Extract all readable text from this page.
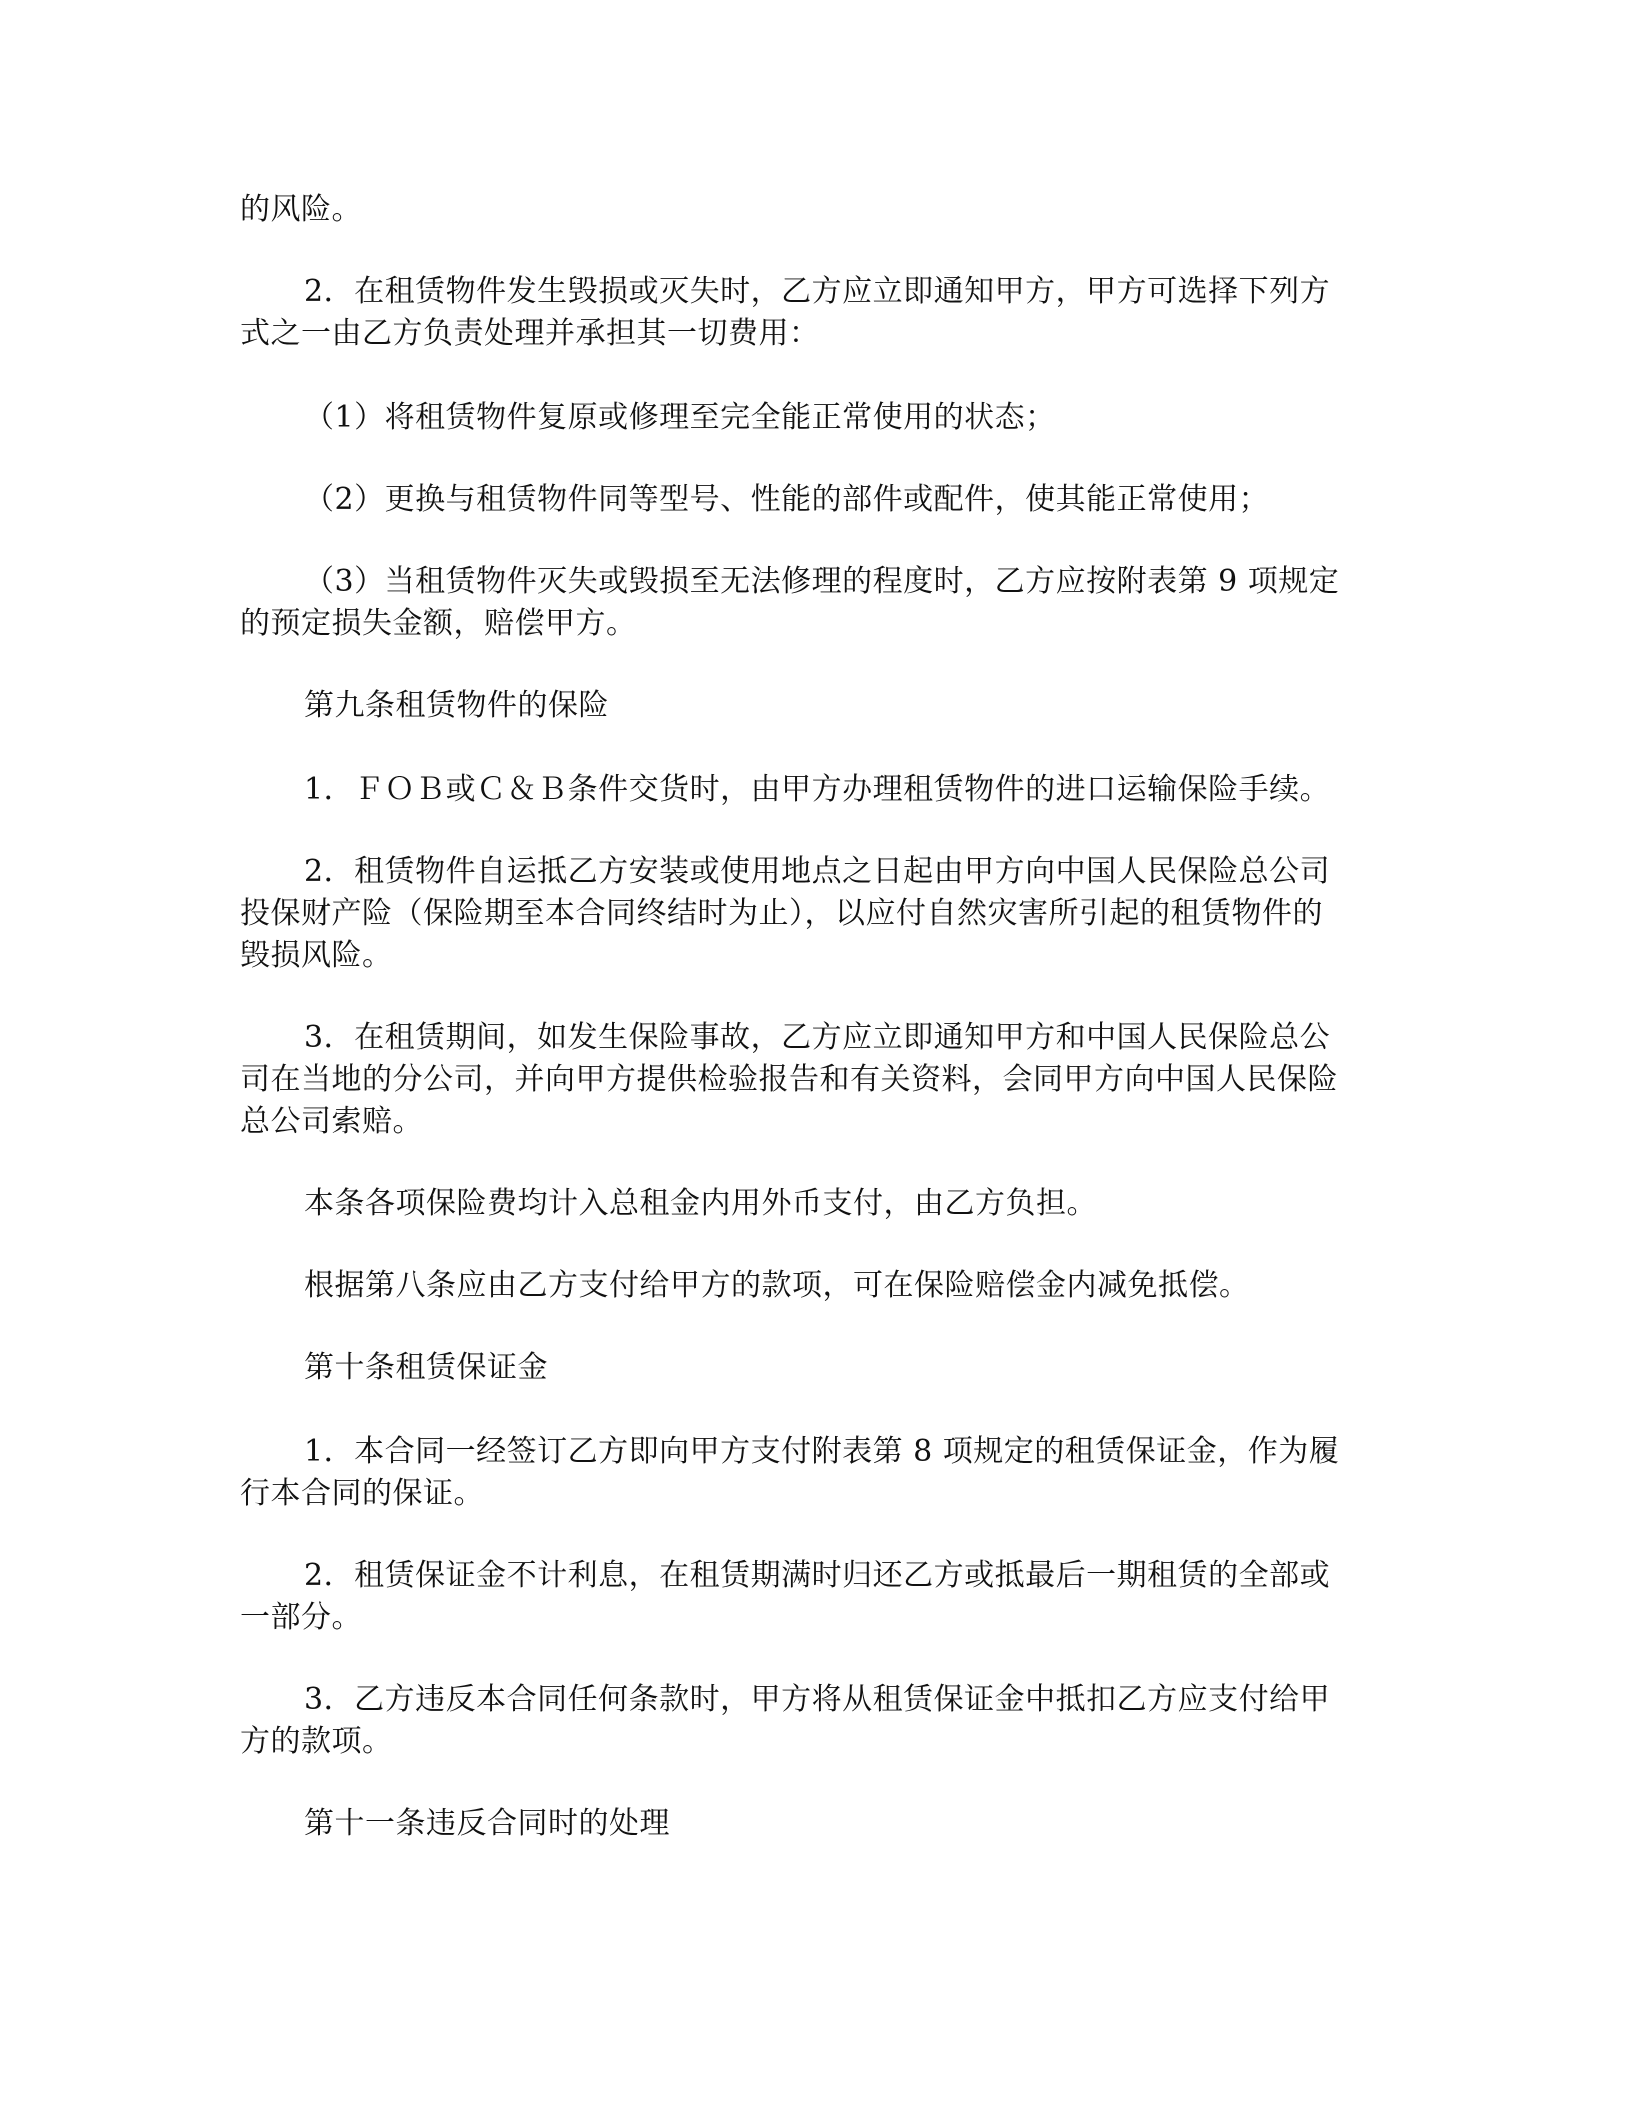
的风险。
2．在租赁物件发生毁损或灭失时，乙方应立即通知甲方，甲方可选择下列方
式之一由乙方负责处理并承担其一切费用：
（1）将租赁物件复原或修理至完全能正常使用的状态；
（2）更换与租赁物件同等型号、性能的部件或配件，使其能正常使用；
（3）当租赁物件灭失或毁损至无法修理的程度时，乙方应按附表第 9 项规定
的预定损失金额，赔偿甲方。
第九条租赁物件的保险
1．ＦＯＢ或Ｃ＆Ｂ条件交货时，由甲方办理租赁物件的进口运输保险手续。
2．租赁物件自运抵乙方安装或使用地点之日起由甲方向中国人民保险总公司
投保财产险（保险期至本合同终结时为止），以应付自然灾害所引起的租赁物件的
毁损风险。
3．在租赁期间，如发生保险事故，乙方应立即通知甲方和中国人民保险总公
司在当地的分公司，并向甲方提供检验报告和有关资料，会同甲方向中国人民保险
总公司索赔。
本条各项保险费均计入总租金内用外币支付，由乙方负担。
根据第八条应由乙方支付给甲方的款项，可在保险赔偿金内减免抵偿。
第十条租赁保证金
1．本合同一经签订乙方即向甲方支付附表第 8 项规定的租赁保证金，作为履
行本合同的保证。
2．租赁保证金不计利息，在租赁期满时归还乙方或抵最后一期租赁的全部或
一部分。
3．乙方违反本合同任何条款时，甲方将从租赁保证金中抵扣乙方应支付给甲
方的款项。
第十一条违反合同时的处理
